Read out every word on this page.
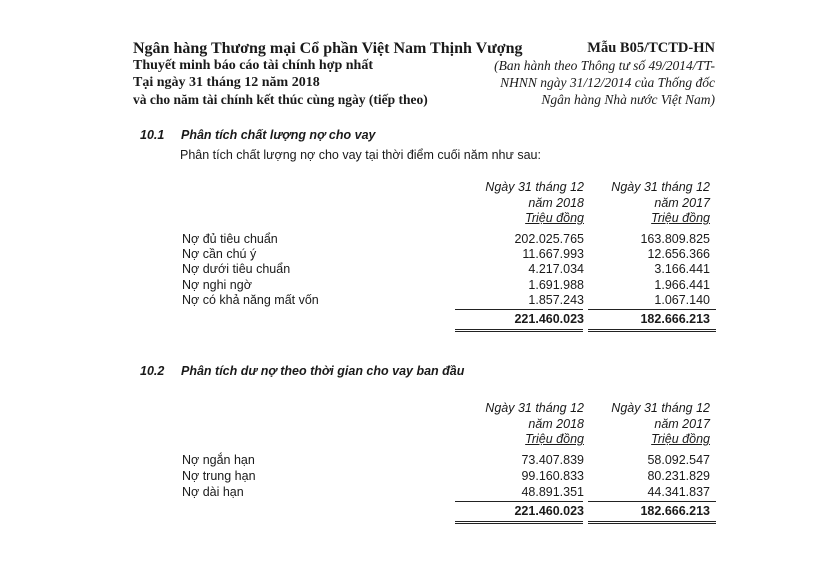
Ngân hàng Thương mại Cổ phần Việt Nam Thịnh Vượng
Thuyết minh báo cáo tài chính hợp nhất
Tại ngày 31 tháng 12 năm 2018
và cho năm tài chính kết thúc cùng ngày (tiếp theo)
Mẫu B05/TCTD-HN
(Ban hành theo Thông tư số 49/2014/TT-
NHNN ngày 31/12/2014 của Thống đốc
Ngân hàng Nhà nước Việt Nam)
10.1 Phân tích chất lượng nợ cho vay
Phân tích chất lượng nợ cho vay tại thời điểm cuối năm như sau:
Ngày 31 tháng 12
năm 2018
Triệu đồng
Ngày 31 tháng 12
năm 2017
Triệu đồng
Nợ đủ tiêu chuẩn	202.025.765	163.809.825
Nợ cần chú ý	11.667.993	12.656.366
Nợ dưới tiêu chuẩn	4.217.034	3.166.441
Nợ nghi ngờ	1.691.988	1.966.441
Nợ có khả năng mất vốn	1.857.243	1.067.140
221.460.023	182.666.213
10.2 Phân tích dư nợ theo thời gian cho vay ban đầu
Ngày 31 tháng 12
năm 2018
Triệu đồng
Ngày 31 tháng 12
năm 2017
Triệu đồng
Nợ ngắn hạn	73.407.839	58.092.547
Nợ trung hạn	99.160.833	80.231.829
Nợ dài hạn	48.891.351	44.341.837
221.460.023	182.666.213
